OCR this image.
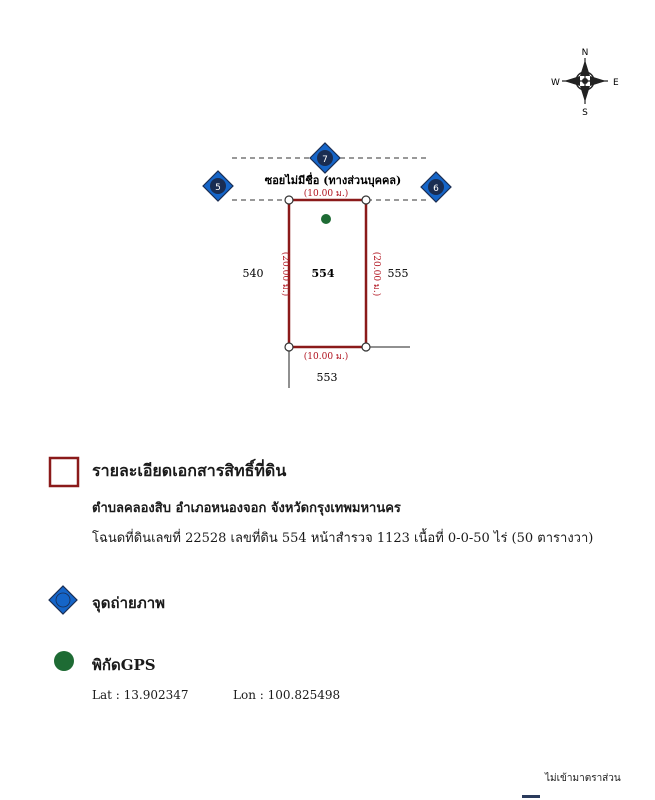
N
E
S
W
ซอยไม่มีชื่อ (ทางส่วนบุคคล)
(10.00 ม.)
554
(20.00 ม.)	(20.00 ม.)
(10.00 ม.)
540	555
553
5
7
6
รายละเอียดเอกสารสิทธิ์ที่ดิน
ตำบลคลองสิบ อำเภอหนองจอก จังหวัดกรุงเทพมหานคร
โฉนดที่ดินเลขที่ 22528 เลขที่ดิน 554 หน้าสำรวจ 1123 เนื้อที่ 0-0-50 ไร่ (50 ตารางวา)
จุดถ่ายภาพ
พิกัดGPS
Lat : 13.902347	Lon : 100.825498
ไม่เข้ามาตราส่วน
